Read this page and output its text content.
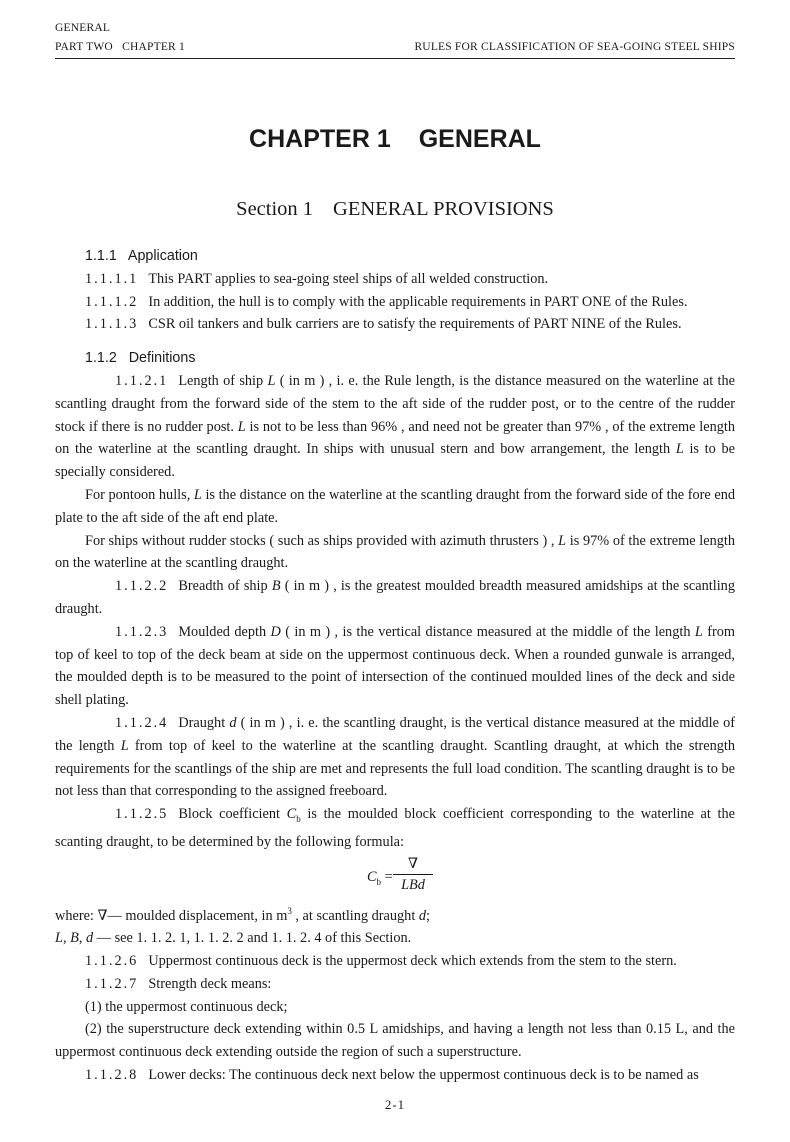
GENERAL
PART TWO   CHAPTER 1	RULES FOR CLASSIFICATION OF SEA-GOING STEEL SHIPS
CHAPTER 1 GENERAL
Section 1 GENERAL PROVISIONS
1.1.1   Application

1.1.1.1 This PART applies to sea-going steel ships of all welded construction.

1.1.1.2 In addition, the hull is to comply with the applicable requirements in PART ONE of the Rules.

1.1.1.3 CSR oil tankers and bulk carriers are to satisfy the requirements of PART NINE of the Rules.

1.1.2   Definitions

1.1.2.1 Length of ship L ( in m ) , i. e. the Rule length, is the distance measured on the waterline at the scantling draught from the forward side of the stem to the aft side of the rudder post, or to the centre of the rudder stock if there is no rudder post. L is not to be less than 96% , and need not be greater than 97% , of the extreme length on the waterline at the scantling draught. In ships with unusual stern and bow arrangement, the length L is to be specially considered.

For pontoon hulls, L is the distance on the waterline at the scantling draught from the forward side of the fore end plate to the aft side of the aft end plate.

For ships without rudder stocks ( such as ships provided with azimuth thrusters ) , L is 97% of the extreme length on the waterline at the scantling draught.

1.1.2.2 Breadth of ship B ( in m ) , is the greatest moulded breadth measured amidships at the scantling draught.

1.1.2.3 Moulded depth D ( in m ) , is the vertical distance measured at the middle of the length L from top of keel to top of the deck beam at side on the uppermost continuous deck. When a rounded gunwale is arranged, the moulded depth is to be measured to the point of intersection of the continued moulded lines of the deck and side shell plating.

1.1.2.4 Draught d ( in m ) , i. e. the scantling draught, is the vertical distance measured at the middle of the length L from top of keel to the waterline at the scantling draught. Scantling draught, at which the strength requirements for the scantlings of the ship are met and represents the full load condition. The scantling draught is to be not less than that corresponding to the assigned freeboard.

1.1.2.5 Block coefficient $C_b$ is the moulded block coefficient corresponding to the waterline at the scanting draught, to be determined by the following formula:

$C_b$ =
∇
LBd

where: ∇— moulded displacement, in $m^3$ , at scantling draught d;

L, B, d — see 1. 1. 2. 1, 1. 1. 2. 2 and 1. 1. 2. 4 of this Section.

1.1.2.6 Uppermost continuous deck is the uppermost deck which extends from the stem to the stern.

1.1.2.7 Strength deck means:

(1) the uppermost continuous deck;

(2) the superstructure deck extending within 0.5 L amidships, and having a length not less than 0.15 L, and the uppermost continuous deck extending outside the region of such a superstructure.

1.1.2.8 Lower decks: The continuous deck next below the uppermost continuous deck is to be named as

2-1
